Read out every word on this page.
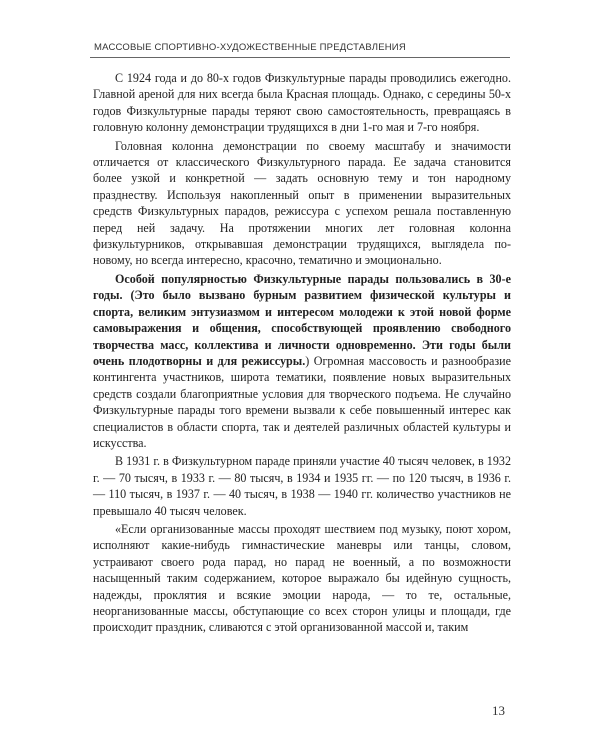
МАССОВЫЕ СПОРТИВНО-ХУДОЖЕСТВЕННЫЕ ПРЕДСТАВЛЕНИЯ

С 1924 года и до 80-х годов Физкультурные парады проводились ежегодно. Главной ареной для них всегда была Красная площадь. Однако, с середины 50-х годов Физкультурные парады теряют свою самостоятельность, превращаясь в головную колонну демонстрации трудящихся в дни 1-го мая и 7-го ноября.

Головная колонна демонстрации по своему масштабу и значимости отличается от классического Физкультурного парада. Ее задача становится более узкой и конкретной — задать основную тему и тон народному празднеству. Используя накопленный опыт в применении выразительных средств Физкультурных парадов, режиссура с успехом решала поставленную перед ней задачу. На протяжении многих лет головная колонна физкультурников, открывавшая демонстрации трудящихся, выглядела по-новому, но всегда интересно, красочно, тематично и эмоционально.

Особой популярностью Физкультурные парады пользовались в 30-е годы. (Это было вызвано бурным развитием физической культуры и спорта, великим энтузиазмом и интересом молодежи к этой новой форме самовыражения и общения, способствующей проявлению свободного творчества масс, коллектива и личности одновременно. Эти годы были очень плодотворны и для режиссуры.) Огромная массовость и разнообразие контингента участников, широта тематики, появление новых выразительных средств создали благоприятные условия для творческого подъема. Не случайно Физкультурные парады того времени вызвали к себе повышенный интерес как специалистов в области спорта, так и деятелей различных областей культуры и искусства.

В 1931 г. в Физкультурном параде приняли участие 40 тысяч человек, в 1932 г. — 70 тысяч, в 1933 г. — 80 тысяч, в 1934 и 1935 гг. — по 120 тысяч, в 1936 г. — 110 тысяч, в 1937 г. — 40 тысяч, в 1938 — 1940 гг. количество участников не превышало 40 тысяч человек.

«Если организованные массы проходят шествием под музыку, поют хором, исполняют какие-нибудь гимнастические маневры или танцы, словом, устраивают своего рода парад, но парад не военный, а по возможности насыщенный таким содержанием, которое выражало бы идейную сущность, надежды, проклятия и всякие эмоции народа, — то те, остальные, неорганизованные массы, обступающие со всех сторон улицы и площади, где происходит праздник, сливаются с этой организованной массой и, таким

13
